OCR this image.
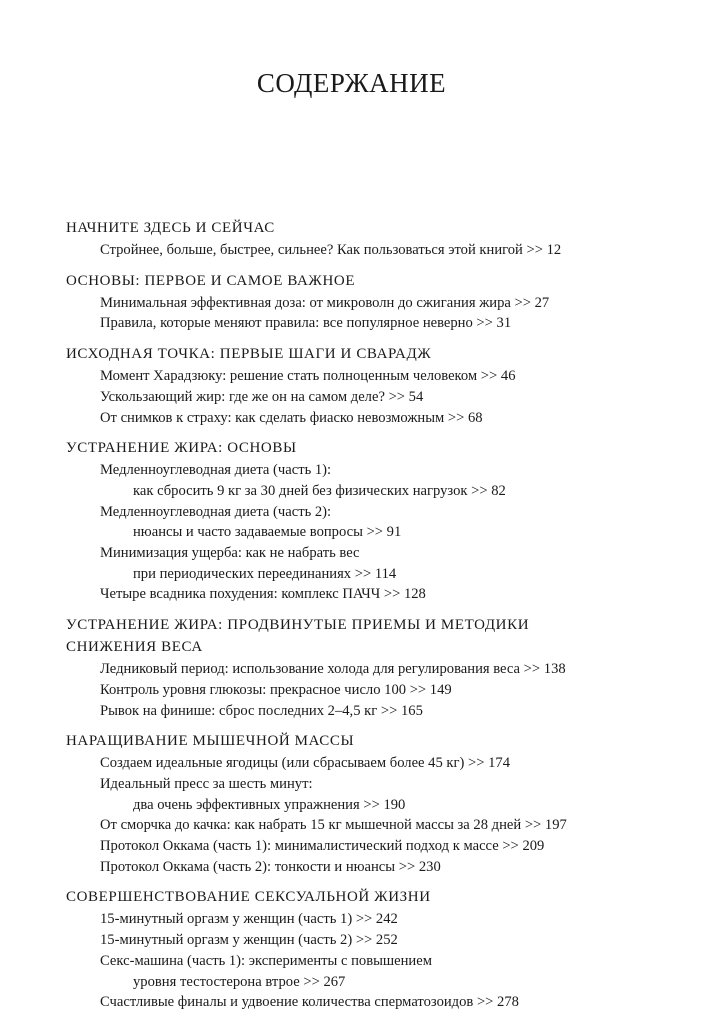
СОДЕРЖАНИЕ
НАЧНИТЕ ЗДЕСЬ И СЕЙЧАС
Стройнее, больше, быстрее, сильнее? Как пользоваться этой книгой >> 12
ОСНОВЫ: ПЕРВОЕ И САМОЕ ВАЖНОЕ
Минимальная эффективная доза: от микроволн до сжигания жира >> 27
Правила, которые меняют правила: все популярное неверно >> 31
ИСХОДНАЯ ТОЧКА: ПЕРВЫЕ ШАГИ И СВАРАДЖ
Момент Харадзюку: решение стать полноценным человеком >> 46
Ускользающий жир: где же он на самом деле? >> 54
От снимков к страху: как сделать фиаско невозможным >> 68
УСТРАНЕНИЕ ЖИРА: ОСНОВЫ
Медленноуглеводная диета (часть 1):
как сбросить 9 кг за 30 дней без физических нагрузок >> 82
Медленноуглеводная диета (часть 2):
нюансы и часто задаваемые вопросы >> 91
Минимизация ущерба: как не набрать вес
при периодических переединаниях >> 114
Четыре всадника похудения: комплекс ПАЧЧ >> 128
УСТРАНЕНИЕ ЖИРА: ПРОДВИНУТЫЕ ПРИЕМЫ И МЕТОДИКИ
СНИЖЕНИЯ ВЕСА
Ледниковый период: использование холода для регулирования веса >> 138
Контроль уровня глюкозы: прекрасное число 100 >> 149
Рывок на финише: сброс последних 2–4,5 кг >> 165
НАРАЩИВАНИЕ МЫШЕЧНОЙ МАССЫ
Создаем идеальные ягодицы (или сбрасываем более 45 кг) >> 174
Идеальный пресс за шесть минут:
два очень эффективных упражнения >> 190
От сморчка до качка: как набрать 15 кг мышечной массы за 28 дней >> 197
Протокол Оккама (часть 1): минималистический подход к массе >> 209
Протокол Оккама (часть 2): тонкости и нюансы >> 230
СОВЕРШЕНСТВОВАНИЕ СЕКСУАЛЬНОЙ ЖИЗНИ
15-минутный оргазм у женщин (часть 1) >> 242
15-минутный оргазм у женщин (часть 2) >> 252
Секс-машина (часть 1): эксперименты с повышением
уровня тестостерона втрое >> 267
Счастливые финалы и удвоение количества сперматозоидов >> 278
